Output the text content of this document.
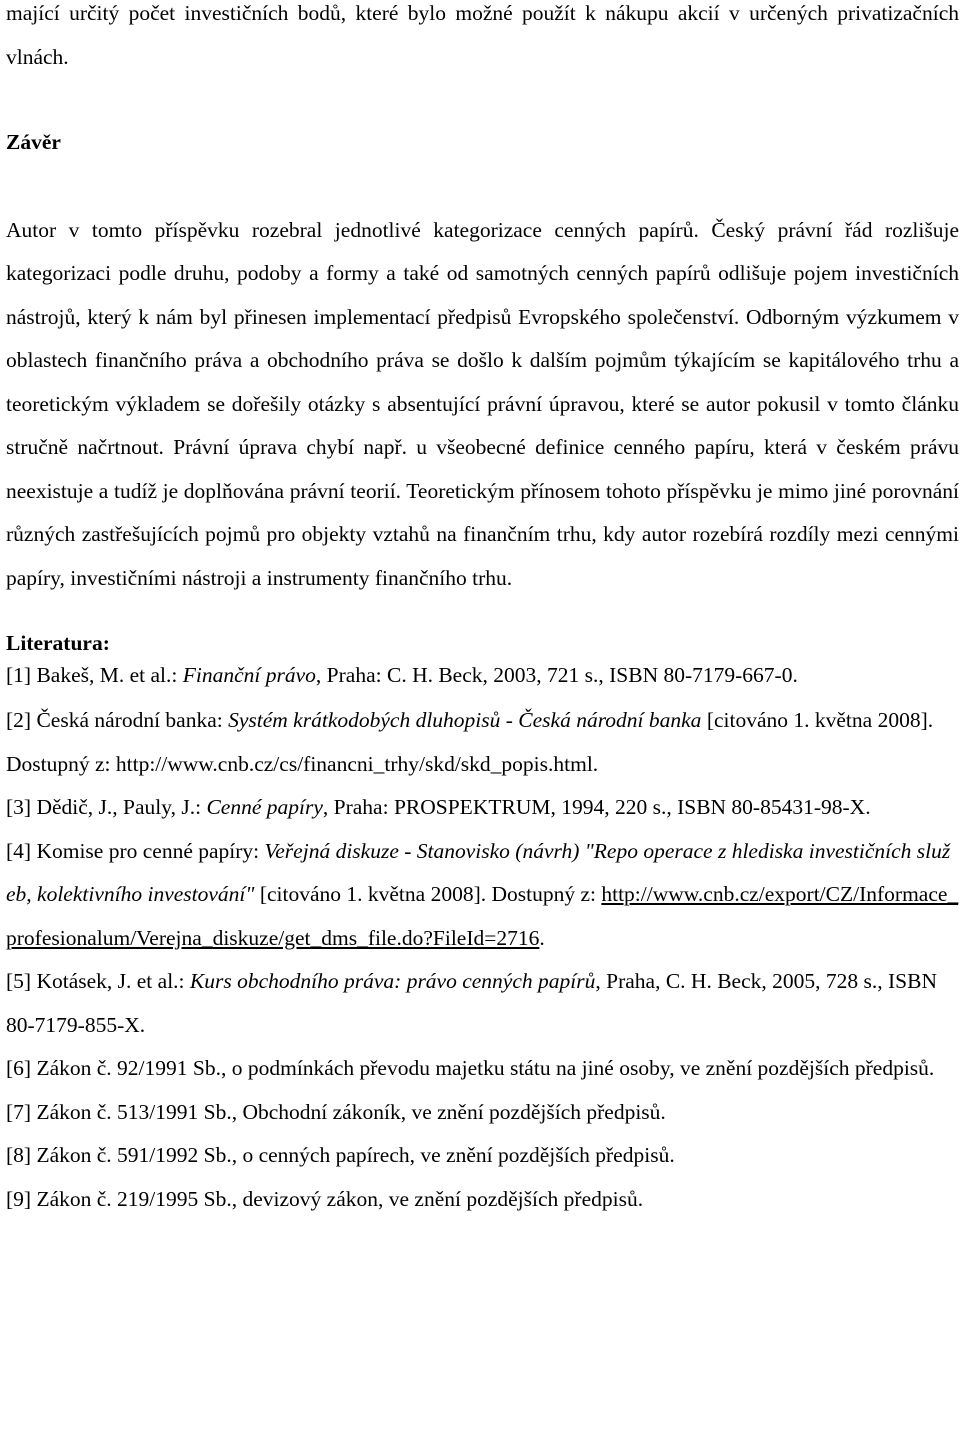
mající určitý počet investičních bodů, které bylo možné použít k nákupu akcií v určených privatizačních vlnách.

Závěr

Autor v tomto příspěvku rozebral jednotlivé kategorizace cenných papírů. Český právní řád rozlišuje kategorizaci podle druhu, podoby a formy a také od samotných cenných papírů odlišuje pojem investičních nástrojů, který k nám byl přinesen implementací předpisů Evropského společenství. Odborným výzkumem v oblastech finančního práva a obchodního práva se došlo k dalším pojmům týkajícím se kapitálového trhu a teoretickým výkladem se dořešily otázky s absentující právní úpravou, které se autor pokusil v tomto článku stručně načrtnout. Právní úprava chybí např. u všeobecné definice cenného papíru, která v českém právu neexistuje a tudíž je doplňována právní teorií. Teoretickým přínosem tohoto příspěvku je mimo jiné porovnání různých zastřešujících pojmů pro objekty vztahů na finančním trhu, kdy autor rozebírá rozdíly mezi cennými papíry, investičními nástroji a instrumenty finančního trhu.

Literatura:

[1] Bakeš, M. et al.: Finanční právo, Praha: C. H. Beck, 2003, 721 s., ISBN 80-7179-667-0.

[2] Česká národní banka: Systém krátkodobých dluhopisů - Česká národní banka [citováno 1. května 2008]. Dostupný z: http://www.cnb.cz/cs/financni_trhy/skd/skd_popis.html.

[3] Dědič, J., Pauly, J.: Cenné papíry, Praha: PROSPEKTRUM, 1994, 220 s., ISBN 80-85431-98-X.

[4] Komise pro cenné papíry: Veřejná diskuze - Stanovisko (návrh) "Repo operace z hlediska investičních služeb, kolektivního investování" [citováno 1. května 2008]. Dostupný z: http://www.cnb.cz/export/CZ/Informace_profesionalum/Verejna_diskuze/get_dms_file.do?FileId=2716.

[5] Kotásek, J. et al.: Kurs obchodního práva: právo cenných papírů, Praha, C. H. Beck, 2005, 728 s., ISBN 80-7179-855-X.

[6] Zákon č. 92/1991 Sb., o podmínkách převodu majetku státu na jiné osoby, ve znění pozdějších předpisů.

[7] Zákon č. 513/1991 Sb., Obchodní zákoník, ve znění pozdějších předpisů.

[8] Zákon č. 591/1992 Sb., o cenných papírech, ve znění pozdějších předpisů.

[9] Zákon č. 219/1995 Sb., devizový zákon, ve znění pozdějších předpisů.
